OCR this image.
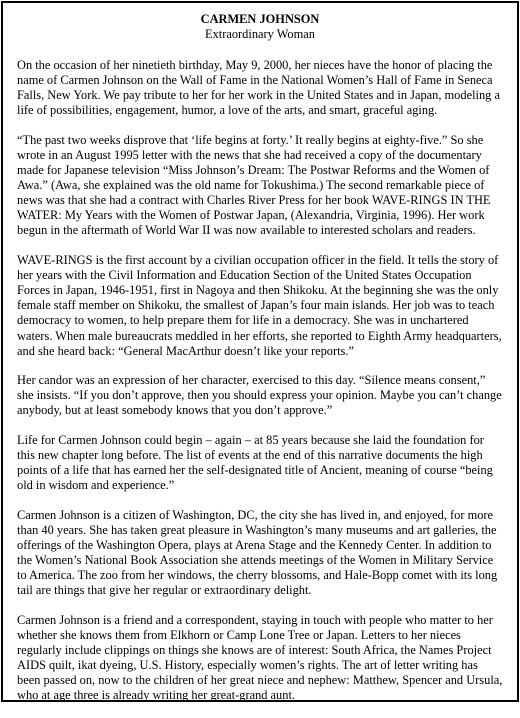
CARMEN JOHNSON
Extraordinary Woman

On the occasion of her ninetieth birthday, May 9, 2000, her nieces have the honor of placing the name of Carmen Johnson on the Wall of Fame in the National Women’s Hall of Fame in Seneca Falls, New York. We pay tribute to her for her work in the United States and in Japan, modeling a life of possibilities, engagement, humor, a love of the arts, and smart, graceful aging.

“The past two weeks disprove that ‘life begins at forty.’ It really begins at eighty-five.” So she wrote in an August 1995 letter with the news that she had received a copy of the documentary made for Japanese television “Miss Johnson’s Dream: The Postwar Reforms and the Women of Awa.” (Awa, she explained was the old name for Tokushima.) The second remarkable piece of news was that she had a contract with Charles River Press for her book WAVE-RINGS IN THE WATER: My Years with the Women of Postwar Japan, (Alexandria, Virginia, 1996). Her work begun in the aftermath of World War II was now available to interested scholars and readers.

WAVE-RINGS is the first account by a civilian occupation officer in the field. It tells the story of her years with the Civil Information and Education Section of the United States Occupation Forces in Japan, 1946-1951, first in Nagoya and then Shikoku. At the beginning she was the only female staff member on Shikoku, the smallest of Japan’s four main islands. Her job was to teach democracy to women, to help prepare them for life in a democracy. She was in unchartered waters. When male bureaucrats meddled in her efforts, she reported to Eighth Army headquarters, and she heard back: “General MacArthur doesn’t like your reports.”

Her candor was an expression of her character, exercised to this day. “Silence means consent,” she insists. “If you don’t approve, then you should express your opinion. Maybe you can’t change anybody, but at least somebody knows that you don’t approve.”

Life for Carmen Johnson could begin – again – at 85 years because she laid the foundation for this new chapter long before. The list of events at the end of this narrative documents the high points of a life that has earned her the self-designated title of Ancient, meaning of course “being old in wisdom and experience.”

Carmen Johnson is a citizen of Washington, DC, the city she has lived in, and enjoyed, for more than 40 years. She has taken great pleasure in Washington’s many museums and art galleries, the offerings of the Washington Opera, plays at Arena Stage and the Kennedy Center. In addition to the Women’s National Book Association she attends meetings of the Women in Military Service to America. The zoo from her windows, the cherry blossoms, and Hale-Bopp comet with its long tail are things that give her regular or extraordinary delight.

Carmen Johnson is a friend and a correspondent, staying in touch with people who matter to her whether she knows them from Elkhorn or Camp Lone Tree or Japan. Letters to her nieces regularly include clippings on things she knows are of interest: South Africa, the Names Project AIDS quilt, ikat dyeing, U.S. History, especially women’s rights. The art of letter writing has been passed on, now to the children of her great niece and nephew: Matthew, Spencer and Ursula, who at age three is already writing her great-grand aunt.
